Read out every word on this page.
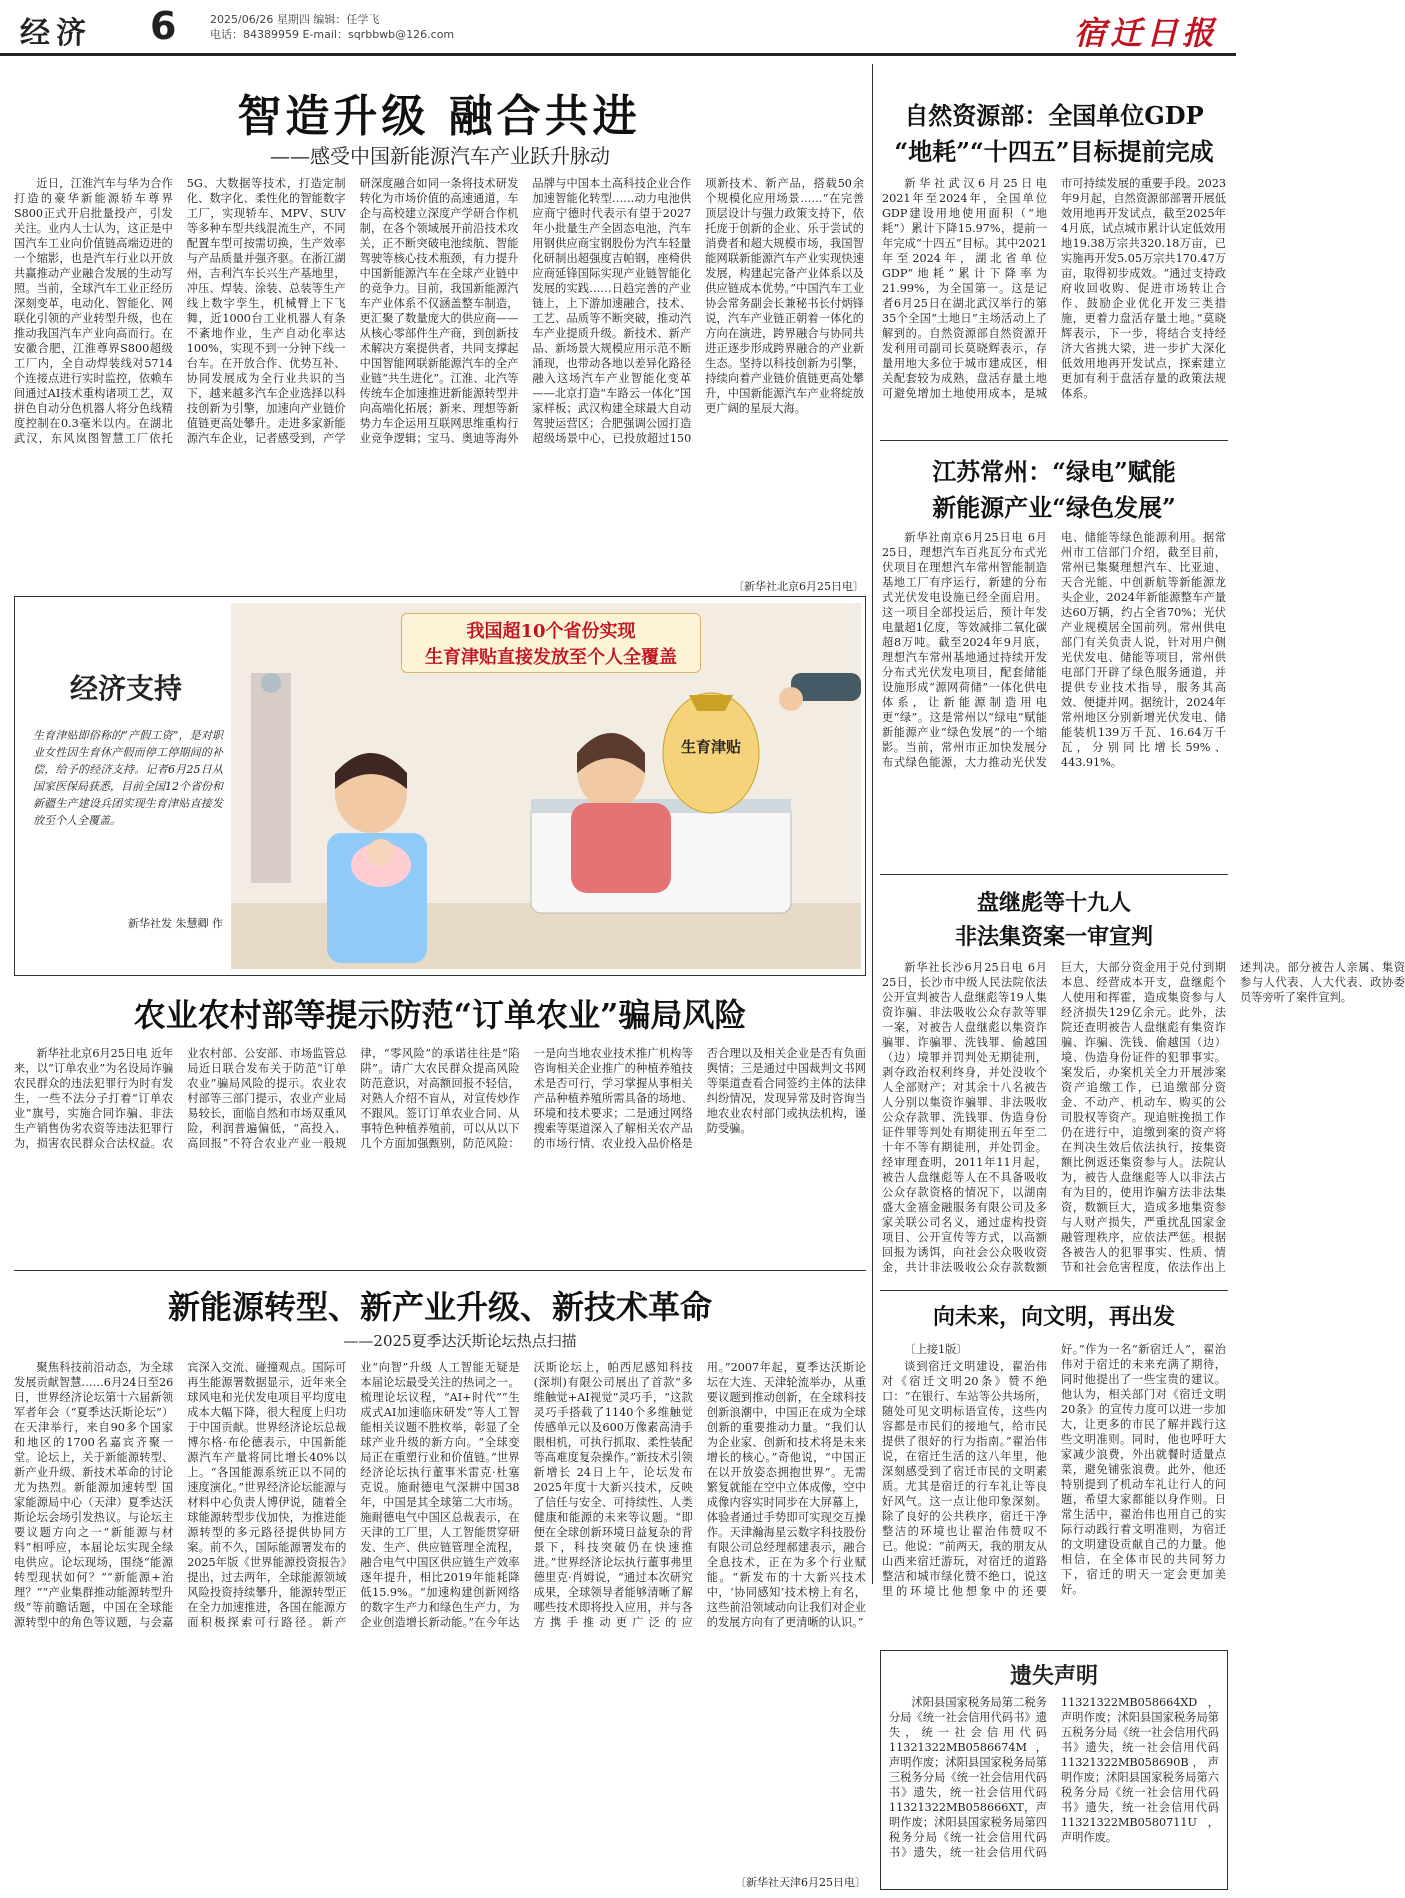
经济 6	2025/06/26 星期四 编辑：任学飞
电话：84389959 E-mail：sqrbbwb@126.com	宿迁日报
智造升级 融合共进
——感受中国新能源汽车产业跃升脉动

近日，江淮汽车与华为合作打造的豪华新能源轿车尊界S800正式开启批量投产，引发关注。业内人士认为，这正是中国汽车工业向价值链高端迈进的一个缩影，也是汽车行业以开放共赢推动产业融合发展的生动写照。当前，全球汽车工业正经历深刻变革，电动化、智能化、网联化引领的产业转型升级，也在推动我国汽车产业向高而行。在安徽合肥，江淮尊界S800超级工厂内，全自动焊装线对5714个连接点进行实时监控，依赖车间通过AI技术重构诸项工艺，双拼色自动分色机器人将分色线精度控制在0.3毫米以内。在湖北武汉，东风岚图智慧工厂依托5G、大数据等技术，打造定制化、数字化、柔性化的智能数字工厂，实现轿车、MPV、SUV等多种车型共线混流生产，不同配置车型可按需切换，生产效率与产品质量并强齐驱。在浙江湖州，吉利汽车长兴生产基地里，冲压、焊装、涂装、总装等生产线上数字孪生，机械臂上下飞舞，近1000台工业机器人有条不紊地作业，生产自动化率达100%，实现不到一分钟下线一台车。在开放合作、优势互补、协同发展成为全行业共识的当下，越来越多汽车企业选择以科技创新为引擎，加速向产业链价值链更高处攀升。走进多家新能源汽车企业，记者感受到，产学研深度融合如同一条将技术研发转化为市场价值的高速通道，车企与高校建立深度产学研合作机制，在各个领域展开前沿技术攻关，正不断突破电池续航、智能驾驶等核心技术瓶颈，有力提升中国新能源汽车在全球产业链中的竞争力。目前，我国新能源汽车产业体系不仅涵盖整车制造，更汇聚了数量庞大的供应商——从核心零部件生产商，到创新技术解决方案提供者，共同支撑起中国智能网联新能源汽车的全产业链“共生进化”。江淮、北汽等传统车企加速推进新能源转型并向高端化拓展；新来、理想等新势力车企运用互联网思维重构行业竞争逻辑；宝马、奥迪等海外品牌与中国本土高科技企业合作加速智能化转型……动力电池供应商宁德时代表示有望于2027年小批量生产全固态电池，汽车用钢供应商宝钢股份为汽车轻量化研制出超强度吉帕钢，座椅供应商延锋国际实现产业链智能化发展的实践……日趋完善的产业链上，上下游加速融合，技术、工艺、品质等不断突破，推动汽车产业提质升级。新技术、新产品、新场景大规模应用示范不断涌现，也带动各地以差异化路径融入这场汽车产业智能化变革——北京打造“车路云一体化”国家样板；武汉构建全球最大自动驾驶运营区；合肥强调公园打造超级场景中心，已投放超过150项新技术、新产品，搭载50余个规模化应用场景……“在完善顶层设计与强力政策支持下，依托庞于创新的企业、乐于尝试的消费者和超大规模市场，我国智能网联新能源汽车产业实现快速发展，构建起完备产业体系以及供应链成本优势。”中国汽车工业协会常务副会长兼秘书长付炳锋说，汽车产业链正朝着一体化的方向在演进，跨界融合与协同共进正逐步形成跨界融合的产业新生态。坚持以科技创新为引擎，持续向着产业链价值链更高处攀升，中国新能源汽车产业将绽放更广阔的星辰大海。

〔新华社北京6月25日电〕
自然资源部：全国单位GDP
“地耗”“十四五”目标提前完成

新华社武汉6月25日电 2021年至2024年，全国单位GDP建设用地使用面积（“地耗”）累计下降15.97%，提前一年完成“十四五”目标。其中2021年至2024年，湖北省单位GDP“地耗”累计下降率为21.99%，为全国第一。这是记者6月25日在湖北武汉举行的第35个全国“土地日”主场活动上了解到的。自然资源部自然资源开发利用司副司长莫晓辉表示，存量用地大多位于城市建成区，相关配套较为成熟，盘活存量土地可避免增加土地使用成本，是城市可持续发展的重要手段。2023年9月起，自然资源部部署开展低效用地再开发试点，截至2025年4月底，试点城市累计认定低效用地19.38万宗共320.18万亩，已实施再开发5.05万宗共170.47万亩，取得初步成效。“通过支持政府收回收购、促进市场转让合作、鼓励企业优化开发三类措施，更着力盘活存量土地。”莫晓辉表示，下一步，将结合支持经济大省挑大梁，进一步扩大深化低效用地再开发试点，探索建立更加有利于盘活存量的政策法规体系。

江苏常州：“绿电”赋能
新能源产业“绿色发展”

新华社南京6月25日电 6月25日，理想汽车百兆瓦分布式光伏项目在理想汽车常州智能制造基地工厂有序运行，新建的分布式光伏发电设施已经全面启用。这一项目全部投运后，预计年发电量超1亿度，等效减排二氧化碳超8万吨。截至2024年9月底，理想汽车常州基地通过持续开发分布式光伏发电项目，配套储能设施形成“源网荷储”一体化供电体系，让新能源制造用电更“绿”。这是常州以“绿电”赋能新能源产业“绿色发展”的一个缩影。当前，常州市正加快发展分布式绿色能源，大力推动光伏发电、储能等绿色能源利用。据常州市工信部门介绍，截至目前，常州已集聚理想汽车、比亚迪、天合光能、中创新航等新能源龙头企业，2024年新能源整车产量达60万辆，约占全省70%；光伏产业规模居全国前列。常州供电部门有关负责人说，针对用户侧光伏发电、储能等项目，常州供电部门开辟了绿色服务通道，并提供专业技术指导，服务其高效、便捷并网。据统计，2024年常州地区分别新增光伏发电、储能装机139万千瓦、16.64万千瓦，分别同比增长59%、443.91%。

盘继彪等十九人
非法集资案一审宣判

新华社长沙6月25日电 6月25日，长沙市中级人民法院依法公开宣判被告人盘继彪等19人集资诈骗、非法吸收公众存款等罪一案，对被告人盘继彪以集资诈骗罪、诈骗罪、洗钱罪、偷越国（边）境罪并罚判处无期徒刑，剥夺政治权利终身，并处没收个人全部财产；对其余十八名被告人分别以集资诈骗罪、非法吸收公众存款罪、洗钱罪、伪造身份证件罪等判处有期徒刑五年至二十年不等有期徒刑，并处罚金。经审理查明，2011年11月起，被告人盘继彪等人在不具备吸收公众存款资格的情况下，以湖南盛大金禧金融服务有限公司及多家关联公司名义，通过虚构投资项目、公开宣传等方式，以高额回报为诱饵，向社会公众吸收资金，共计非法吸收公众存款数额巨大，大部分资金用于兑付到期本息、经营成本开支，盘继彪个人使用和挥霍，造成集资参与人经济损失129亿余元。此外，法院还查明被告人盘继彪有集资诈骗、诈骗、洗钱、偷越国（边）境、伪造身份证件的犯罪事实。案发后，办案机关全力开展涉案资产追缴工作，已追缴部分资金、不动产、机动车、购买的公司股权等资产。现追赃挽损工作仍在进行中，追缴到案的资产将在判决生效后依法执行，按集资额比例返还集资参与人。法院认为，被告人盘继彪等人以非法占有为目的，使用诈骗方法非法集资，数额巨大，造成多地集资参与人财产损失，严重扰乱国家金融管理秩序，应依法严惩。根据各被告人的犯罪事实、性质、情节和社会危害程度，依法作出上述判决。部分被告人亲属、集资参与人代表、人大代表、政协委员等旁听了案件宣判。

经济支持
生育津贴即俗称的“产假工资”，是对职业女性因生育休产假而停工停期间的补偿，给予的经济支持。记者6月25日从国家医保局获悉，目前全国12个省份和新疆生产建设兵团实现生育津贴直接发放至个人全覆盖。
新华社发 朱慧卿 作
我国超10个省份实现
生育津贴直接发放至个人全覆盖
生育津贴
农业农村部等提示防范“订单农业”骗局风险

新华社北京6月25日电 近年来，以“订单农业”为名设局诈骗农民群众的违法犯罪行为时有发生，一些不法分子打着“订单农业”旗号，实施合同诈骗、非法生产销售伪劣农资等违法犯罪行为，损害农民群众合法权益。农业农村部、公安部、市场监管总局近日联合发布关于防范“订单农业”骗局风险的提示。农业农村部等三部门提示，农业产业局易较长，面临自然和市场双重风险，利润普遍偏低，“高投入、高回报”不符合农业产业一般规律，“零风险”的承诺往往是“陷阱”。请广大农民群众提高风险防范意识，对高额回报不轻信，对熟人介绍不盲从，对宣传炒作不跟风。签订订单农业合同、从事特色种植养殖前，可以从以下几个方面加强甄别，防范风险：一是向当地农业技术推广机构等咨询相关企业推广的种植养殖技术是否可行，学习掌握从事相关产品种植养殖所需具备的场地、环境和技术要求；二是通过网络搜索等渠道深入了解相关农产品的市场行情、农业投入品价格是否合理以及相关企业是否有负面舆情；三是通过中国裁判文书网等渠道查看合同签约主体的法律纠纷情况，发现异常及时咨询当地农业农村部门或执法机构，谨防受骗。

新能源转型、新产业升级、新技术革命
——2025夏季达沃斯论坛热点扫描

聚焦科技前沿动态，为全球发展贡献智慧……6月24日至26日，世界经济论坛第十六届新领军者年会（“夏季达沃斯论坛”）在天津举行，来自90多个国家和地区的1700名嘉宾齐聚一堂。论坛上，关于新能源转型、新产业升级、新技术革命的讨论尤为热烈。新能源加速转型 国家能源局中心（天津）夏季达沃斯论坛会场引发热议。与论坛主要议题方向之一“新能源与材料”相呼应，本届论坛实现全绿电供应。论坛现场，围绕“能源转型现状如何？”“新能源+治理？”“产业集群推动能源转型升级”等前瞻话题，中国在全球能源转型中的角色等议题，与会嘉宾深入交流、碰撞观点。国际可再生能源署数据显示，近年来全球风电和光伏发电项目平均度电成本大幅下降，很大程度上归功于中国贡献。世界经济论坛总裁博尔格·布伦德表示，中国新能源汽车产量将同比增长40%以上。“各国能源系统正以不同的速度演化。”世界经济论坛能源与材料中心负责人博伊说，随着全球能源转型步伐加快，为推进能源转型的多元路径提供协同方案。前不久，国际能源署发布的2025年版《世界能源投资报告》提出，过去两年，全球能源领域风险投资持续攀升，能源转型正在全力加速推进，各国在能源方面积极探索可行路径。新产业“向智”升级 人工智能无疑是本届论坛最受关注的热词之一。梳理论坛议程，“AI+时代”“生成式AI加速临床研发”等人工智能相关议题不胜枚举，彰显了全球产业升级的新方向。“全球变局正在重塑行业和价值链。”世界经济论坛执行董事米雷克·杜塞克说。施耐德电气深耕中国38年，中国是其全球第二大市场。施耐德电气中国区总裁表示，在天津的工厂里，人工智能贯穿研发、生产、供应链管理全流程，融合电气中国区供应链生产效率逐年提升，相比2019年能耗降低15.9%。“加速构建创新网络的数字生产力和绿色生产力，为企业创造增长新动能。”在今年达沃斯论坛上，帕西尼感知科技(深圳)有限公司展出了首款“多维触觉+AI视觉”灵巧手，“这款灵巧手搭载了1140个多维触觉传感单元以及600万像素高清手眼相机，可执行抓取、柔性装配等高难度复杂操作。”新技术引领新增长 24日上午，论坛发布2025年度十大新兴技术，反映了信任与安全、可持续性、人类健康和能源的未来等议题。“即便在全球创新环境日益复杂的背景下，科技突破仍在快速推进。”世界经济论坛执行董事弗里德里克·肖姆说，“通过本次研究成果，全球领导者能够清晰了解哪些技术即将投入应用，并与各方携手推动更广泛的应用。”2007年起，夏季达沃斯论坛在大连、天津轮流举办，从重要议题到推动创新，在全球科技创新浪潮中，中国正在成为全球创新的重要推动力量。“我们认为企业家、创新和技术将是未来增长的核心。”奇他说，“中国正在以开放姿态拥抱世界”。无需繁复就能在空中立体成像，空中成像内容实时同步在大屏幕上，体验者通过手势即可实现交互操作。天津瀚海星云数字科技股份有限公司总经理郝建表示，融合全息技术，正在为多个行业赋能。“新发布的十大新兴技术中，‘协同感知’技术榜上有名，这些前沿领域动向让我们对企业的发展方向有了更清晰的认识。”

〔新华社天津6月25日电〕
向未来，向文明，再出发

〔上接1版〕

谈到宿迁文明建设，翟治伟对《宿迁文明20条》赞不绝口：“在银行、车站等公共场所，随处可见文明标语宣传，这些内容都是市民们的接地气，给市民提供了很好的行为指南。”翟治伟说，在宿迁生活的这八年里，他深刻感受到了宿迁市民的文明素质。尤其是宿迁的行车礼让等良好风气。这一点让他印象深刻。除了良好的公共秩序，宿迁干净整洁的环境也让翟治伟赞叹不已。他说：“前两天，我的朋友从山西来宿迁游玩，对宿迁的道路整洁和城市绿化赞不绝口，说这里的环境比他想象中的还要好。”作为一名“新宿迁人”，翟治伟对于宿迁的未来充满了期待，同时他提出了一些宝贵的建议。他认为，相关部门对《宿迁文明20条》的宣传力度可以进一步加大，让更多的市民了解并践行这些文明准则。同时，他也呼吁大家减少浪费，外出就餐时适量点菜，避免铺张浪费。此外，他还特别提到了机动车礼让行人的问题，希望大家都能以身作则。日常生活中，翟治伟也用自己的实际行动践行着文明准则，为宿迁的文明建设贡献自己的力量。他相信，在全体市民的共同努力下，宿迁的明天一定会更加美好。

遗失声明

沭阳县国家税务局第二税务分局《统一社会信用代码书》遗失，统一社会信用代码11321322MB0586674M，声明作废；沭阳县国家税务局第三税务分局《统一社会信用代码书》遗失，统一社会信用代码11321322MB058666XT，声明作废；沭阳县国家税务局第四税务分局《统一社会信用代码书》遗失，统一社会信用代码11321322MB058664XD，声明作废；沭阳县国家税务局第五税务分局《统一社会信用代码书》遗失，统一社会信用代码11321322MB058690B，声明作废；沭阳县国家税务局第六税务分局《统一社会信用代码书》遗失，统一社会信用代码11321322MB0580711U，声明作废。
